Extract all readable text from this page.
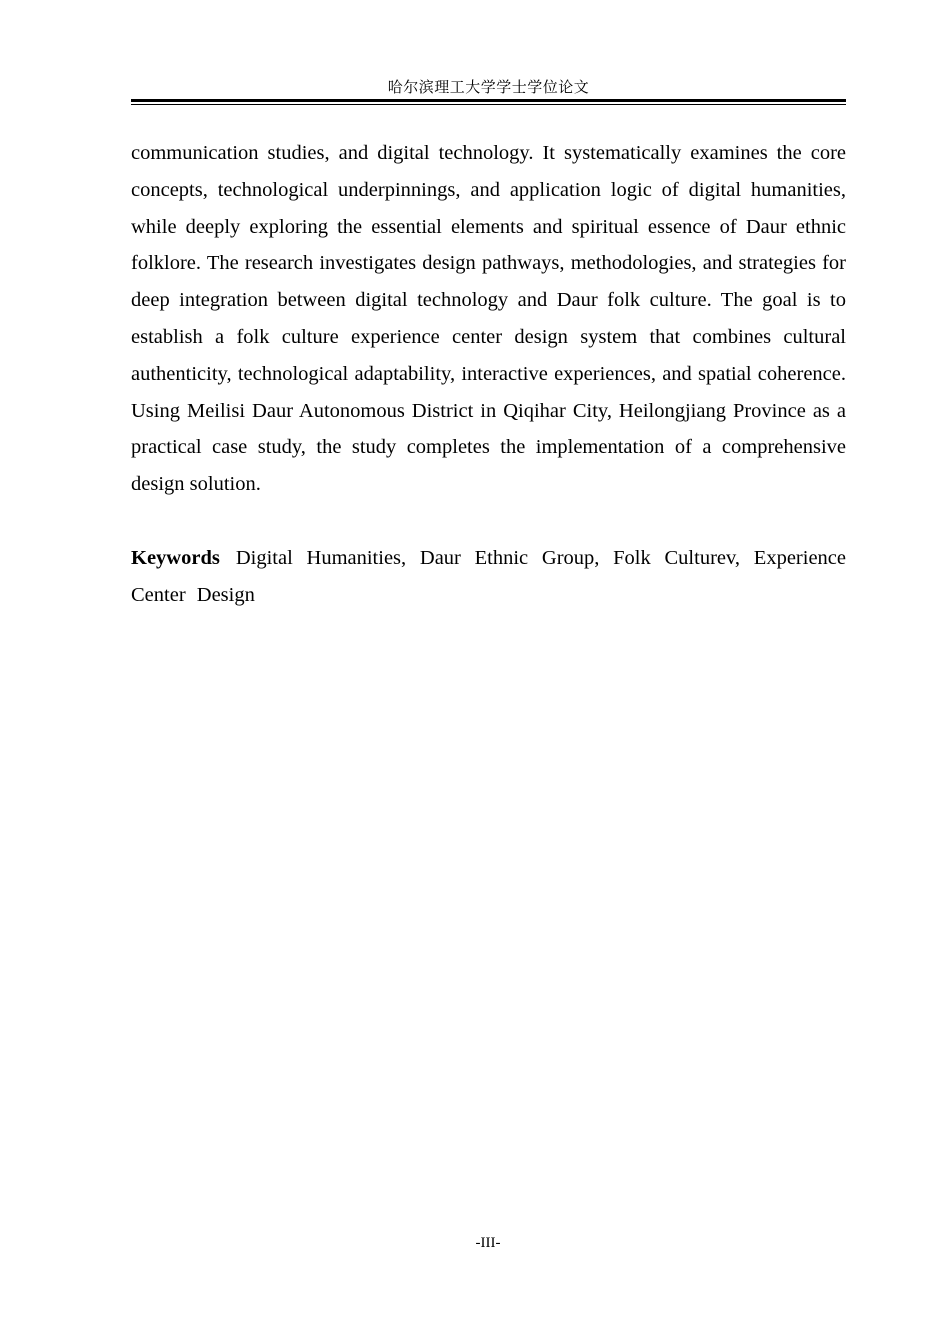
哈尔滨理工大学学士学位论文

communication studies, and digital technology. It systematically examines the core concepts, technological underpinnings, and application logic of digital humanities, while deeply exploring the essential elements and spiritual essence of Daur ethnic folklore. The research investigates design pathways, methodologies, and strategies for deep integration between digital technology and Daur folk culture. The goal is to establish a folk culture experience center design system that combines cultural authenticity, technological adaptability, interactive experiences, and spatial coherence. Using Meilisi Daur Autonomous District in Qiqihar City, Heilongjiang Province as a practical case study, the study completes the implementation of a comprehensive design solution.

Keywords Digital Humanities, Daur Ethnic Group, Folk Culturev, Experience Center Design

-III-
